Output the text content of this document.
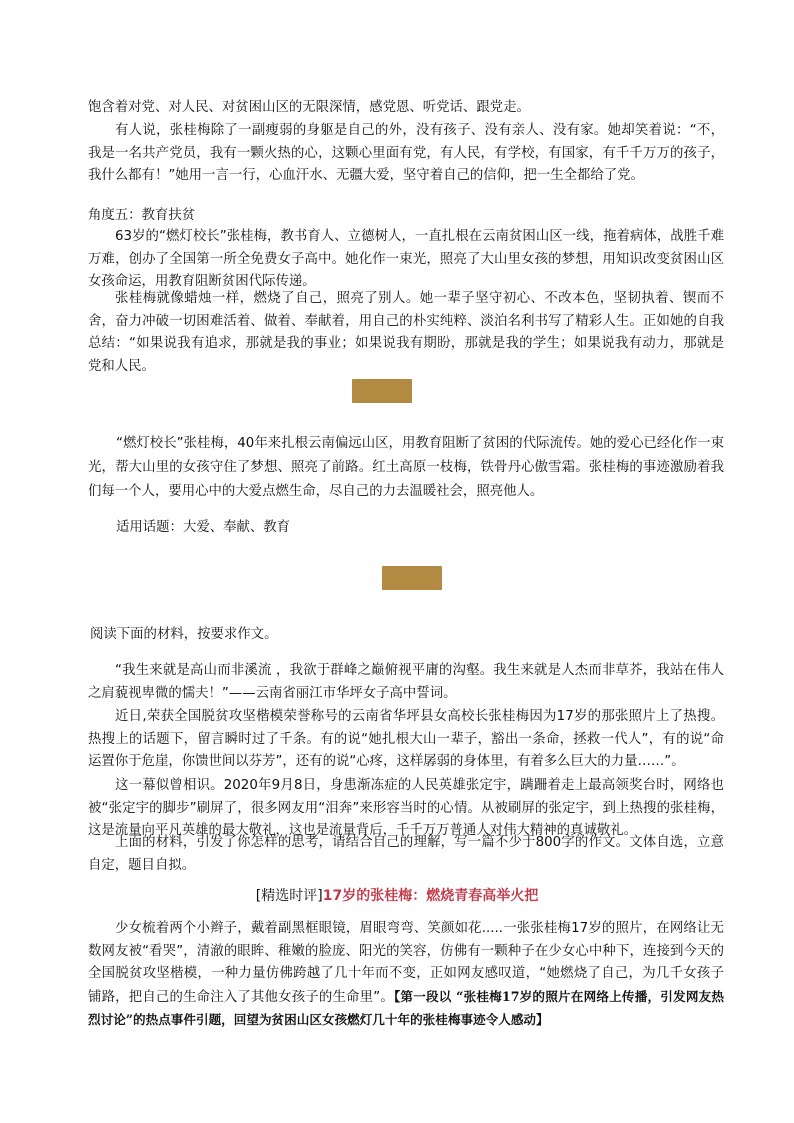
饱含着对党、对人民、对贫困山区的无限深情，感党恩、听党话、跟党走。

有人说，张桂梅除了一副瘦弱的身躯是自己的外，没有孩子、没有亲人、没有家。她却笑着说：“不，我是一名共产党员，我有一颗火热的心，这颗心里面有党，有人民，有学校，有国家，有千千万万的孩子，我什么都有！”她用一言一行，心血汗水、无疆大爱，坚守着自己的信仰，把一生全都给了党。

角度五：教育扶贫

63岁的“燃灯校长”张桂梅，教书育人、立德树人，一直扎根在云南贫困山区一线，拖着病体，战胜千难万难，创办了全国第一所全免费女子高中。她化作一束光，照亮了大山里女孩的梦想，用知识改变贫困山区女孩命运，用教育阻断贫困代际传递。

张桂梅就像蜡烛一样，燃烧了自己，照亮了别人。她一辈子坚守初心、不改本色，坚韧执着、锲而不舍，奋力冲破一切困难活着、做着、奉献着，用自己的朴实纯粹、淡泊名利书写了精彩人生。正如她的自我总结：“如果说我有追求，那就是我的事业；如果说我有期盼，那就是我的学生；如果说我有动力，那就是党和人民。

“燃灯校长”张桂梅，40年来扎根云南偏远山区，用教育阻断了贫困的代际流传。她的爱心已经化作一束光，帮大山里的女孩守住了梦想、照亮了前路。红土高原一枝梅，铁骨丹心傲雪霜。张桂梅的事迹激励着我们每一个人，要用心中的大爱点燃生命，尽自己的力去温暖社会，照亮他人。

适用话题：大爱、奉献、教育

阅读下面的材料，按要求作文。

“我生来就是高山而非溪流 ，我欲于群峰之巅俯视平庸的沟壑。我生来就是人杰而非草芥，我站在伟人之肩藐视卑微的懦夫！”——云南省丽江市华坪女子高中誓词。

近日,荣获全国脱贫攻坚楷模荣誉称号的云南省华坪县女高校长张桂梅因为17岁的那张照片上了热搜。热搜上的话题下，留言瞬时过了千条。有的说“她扎根大山一辈子，豁出一条命，拯救一代人”，有的说“命运置你于危崖，你馈世间以芬芳”，还有的说“心疼，这样孱弱的身体里，有着多么巨大的力量……”。

这一幕似曾相识。2020年9月8日，身患渐冻症的人民英雄张定宇，蹒跚着走上最高领奖台时，网络也被“张定宇的脚步”刷屏了，很多网友用“泪奔”来形容当时的心情。从被刷屏的张定宇，到上热搜的张桂梅，这是流量向平凡英雄的最大敬礼，这也是流量背后，千千万万普通人对伟大精神的真诚敬礼。

上面的材料，引发了你怎样的思考，请结合自己的理解，写一篇不少于800字的作文。文体自选，立意自定，题目自拟。

[精选时评]17岁的张桂梅：燃烧青春高举火把

少女梳着两个小辫子，戴着副黑框眼镜，眉眼弯弯、笑颜如花.....一张张桂梅17岁的照片，在网络让无数网友被“看哭”，清澈的眼眸、稚嫩的脸庞、阳光的笑容，仿佛有一颗种子在少女心中种下，连接到今天的全国脱贫攻坚楷模，一种力量仿佛跨越了几十年而不变，正如网友感叹道，“她燃烧了自己，为几千女孩子铺路，把自己的生命注入了其他女孩子的生命里”。【第一段以 “张桂梅17岁的照片在网络上传播，引发网友热烈讨论”的热点事件引题，回望为贫困山区女孩燃灯几十年的张桂梅事迹令人感动】
